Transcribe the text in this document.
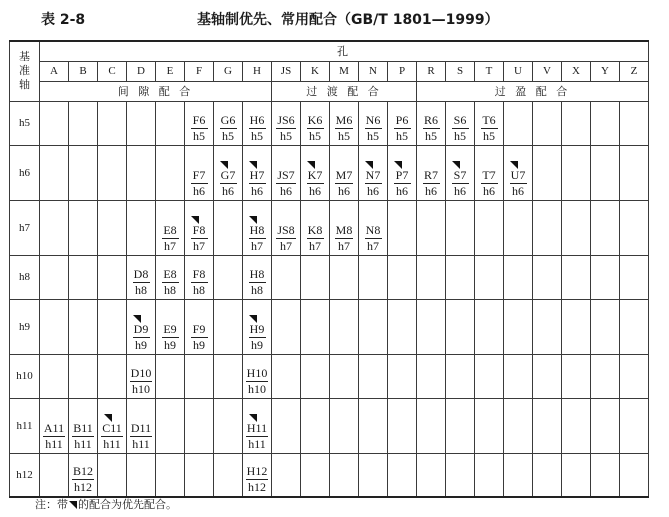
表 2-8	基轴制优先、常用配合（GB/T 1801—1999）
基
准
轴	孔																				
	A	B	C	D	E	F	G	H	JS	K	M	N	P	R	S	T	U	V	X	Y	Z
	间 隙 配 合								过 渡 配 合					过 盈 配 合							
h5						$\frac{F6}{h5}$	$\frac{G6}{h5}$	$\frac{H6}{h5}$	$\frac{JS6}{h5}$	$\frac{K6}{h5}$	$\frac{M6}{h5}$	$\frac{N6}{h5}$	$\frac{P6}{h5}$	$\frac{R6}{h5}$	$\frac{S6}{h5}$	$\frac{T6}{h5}$

h6						$\frac{F7}{h6}$	$\frac{G7}{h6}$	$\frac{H7}{h6}$	$\frac{JS7}{h6}$	$\frac{K7}{h6}$	$\frac{M7}{h6}$	$\frac{N7}{h6}$	$\frac{P7}{h6}$	$\frac{R7}{h6}$	$\frac{S7}{h6}$	$\frac{T7}{h6}$	$\frac{U7}{h6}$

h7					$\frac{E8}{h7}$	$\frac{F8}{h7}$		$\frac{H8}{h7}$	$\frac{JS8}{h7}$	$\frac{K8}{h7}$	$\frac{M8}{h7}$	$\frac{N8}{h7}$

h8				$\frac{D8}{h8}$	$\frac{E8}{h8}$	$\frac{F8}{h8}$		$\frac{H8}{h8}$

h9				$\frac{D9}{h9}$	$\frac{E9}{h9}$	$\frac{F9}{h9}$		$\frac{H9}{h9}$

h10				$\frac{D10}{h10}$				$\frac{H10}{h10}$

h11	$\frac{A11}{h11}$	$\frac{B11}{h11}$	$\frac{C11}{h11}$	$\frac{D11}{h11}$				$\frac{H11}{h11}$

h12		$\frac{B12}{h12}$						$\frac{H12}{h12}$

注：带 的配合为优先配合。
